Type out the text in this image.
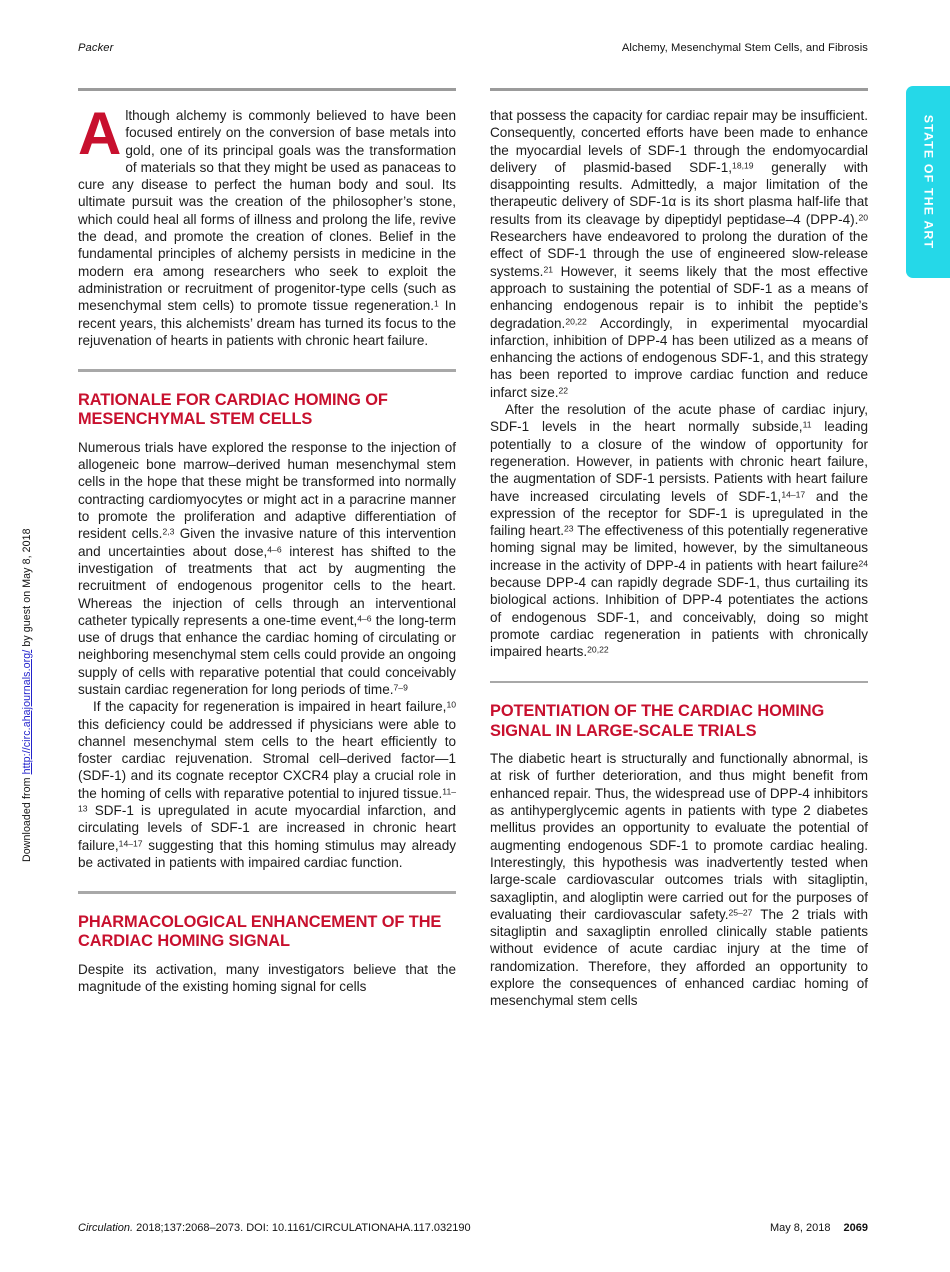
Packer	Alchemy, Mesenchymal Stem Cells, and Fibrosis

Although alchemy is commonly believed to have been focused entirely on the conversion of base metals into gold, one of its principal goals was the transformation of materials so that they might be used as panaceas to cure any disease to perfect the human body and soul. Its ultimate pursuit was the creation of the philosopher’s stone, which could heal all forms of illness and prolong the life, revive the dead, and promote the creation of clones. Belief in the fundamental principles of alchemy persists in medicine in the modern era among researchers who seek to exploit the administration or recruitment of progenitor-type cells (such as mesenchymal stem cells) to promote tissue regeneration.$^1$ In recent years, this alchemists’ dream has turned its focus to the rejuvenation of hearts in patients with chronic heart failure.

RATIONALE FOR CARDIAC HOMING OF MESENCHYMAL STEM CELLS

Numerous trials have explored the response to the injection of allogeneic bone marrow–derived human mesenchymal stem cells in the hope that these might be transformed into normally contracting cardiomyocytes or might act in a paracrine manner to promote the proliferation and adaptive differentiation of resident cells.$^{2,3}$ Given the invasive nature of this intervention and uncertainties about dose,$^{4-6}$ interest has shifted to the investigation of treatments that act by augmenting the recruitment of endogenous progenitor cells to the heart. Whereas the injection of cells through an interventional catheter typically represents a one-time event,$^{4-6}$ the long-term use of drugs that enhance the cardiac homing of circulating or neighboring mesenchymal stem cells could provide an ongoing supply of cells with reparative potential that could conceivably sustain cardiac regeneration for long periods of time.$^{7-9}$

If the capacity for regeneration is impaired in heart failure,$^{10}$ this deficiency could be addressed if physicians were able to channel mesenchymal stem cells to the heart efficiently to foster cardiac rejuvenation. Stromal cell–derived factor—1 (SDF-1) and its cognate receptor CXCR4 play a crucial role in the homing of cells with reparative potential to injured tissue.$^{11-13}$ SDF-1 is upregulated in acute myocardial infarction, and circulating levels of SDF-1 are increased in chronic heart failure,$^{14-17}$ suggesting that this homing stimulus may already be activated in patients with impaired cardiac function.

PHARMACOLOGICAL ENHANCEMENT OF THE CARDIAC HOMING SIGNAL

Despite its activation, many investigators believe that the magnitude of the existing homing signal for cells

that possess the capacity for cardiac repair may be insufficient. Consequently, concerted efforts have been made to enhance the myocardial levels of SDF-1 through the endomyocardial delivery of plasmid-based SDF-1,$^{18,19}$ generally with disappointing results. Admittedly, a major limitation of the therapeutic delivery of SDF-1α is its short plasma half-life that results from its cleavage by dipeptidyl peptidase–4 (DPP-4).$^{20}$ Researchers have endeavored to prolong the duration of the effect of SDF-1 through the use of engineered slow-release systems.$^{21}$ However, it seems likely that the most effective approach to sustaining the potential of SDF-1 as a means of enhancing endogenous repair is to inhibit the peptide’s degradation.$^{20,22}$ Accordingly, in experimental myocardial infarction, inhibition of DPP-4 has been utilized as a means of enhancing the actions of endogenous SDF-1, and this strategy has been reported to improve cardiac function and reduce infarct size.$^{22}$

After the resolution of the acute phase of cardiac injury, SDF-1 levels in the heart normally subside,$^{11}$ leading potentially to a closure of the window of opportunity for regeneration. However, in patients with chronic heart failure, the augmentation of SDF-1 persists. Patients with heart failure have increased circulating levels of SDF-1,$^{14-17}$ and the expression of the receptor for SDF-1 is upregulated in the failing heart.$^{23}$ The effectiveness of this potentially regenerative homing signal may be limited, however, by the simultaneous increase in the activity of DPP-4 in patients with heart failure$^{24}$ because DPP-4 can rapidly degrade SDF-1, thus curtailing its biological actions. Inhibition of DPP-4 potentiates the actions of endogenous SDF-1, and conceivably, doing so might promote cardiac regeneration in patients with chronically impaired hearts.$^{20,22}$

POTENTIATION OF THE CARDIAC HOMING SIGNAL IN LARGE-SCALE TRIALS

The diabetic heart is structurally and functionally abnormal, is at risk of further deterioration, and thus might benefit from enhanced repair. Thus, the widespread use of DPP-4 inhibitors as antihyperglycemic agents in patients with type 2 diabetes mellitus provides an opportunity to evaluate the potential of augmenting endogenous SDF-1 to promote cardiac healing. Interestingly, this hypothesis was inadvertently tested when large-scale cardiovascular outcomes trials with sitagliptin, saxagliptin, and alogliptin were carried out for the purposes of evaluating their cardiovascular safety.$^{25-27}$ The 2 trials with sitagliptin and saxagliptin enrolled clinically stable patients without evidence of acute cardiac injury at the time of randomization. Therefore, they afforded an opportunity to explore the consequences of enhanced cardiac homing of mesenchymal stem cells

Circulation. 2018;137:2068–2073. DOI: 10.1161/CIRCULATIONAHA.117.032190	May 8, 2018 2069
Downloaded from http://circ.ahajournals.org/ by guest on May 8, 2018
STATE OF THE ART
